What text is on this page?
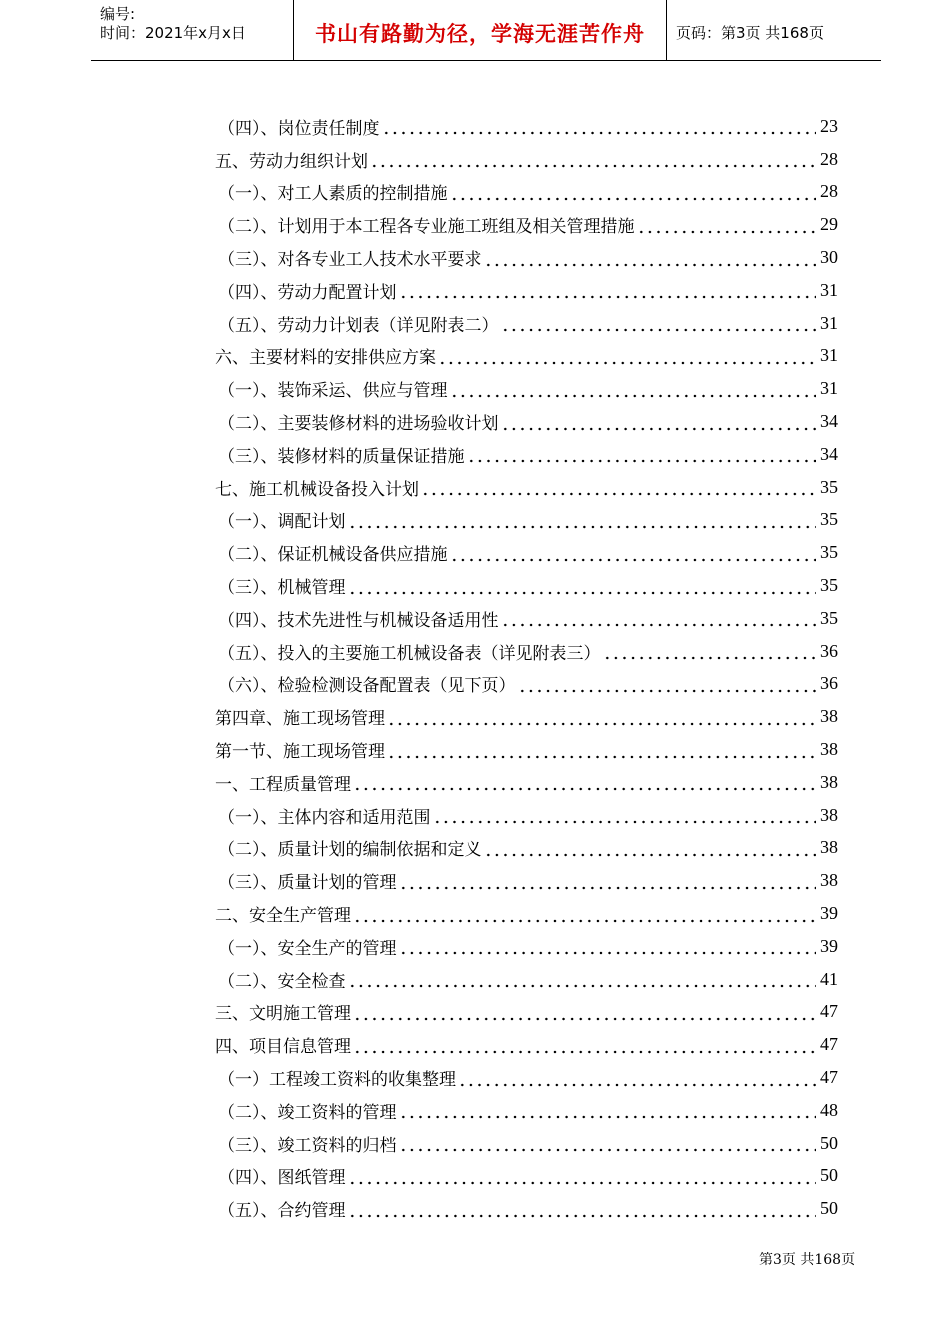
编号:
时间：2021年x月x日	书山有路勤为径，学海无涯苦作舟	页码：第3页 共168页
（四）、岗位责任制度	23
五、劳动力组织计划	28
（一）、对工人素质的控制措施	28
（二）、计划用于本工程各专业施工班组及相关管理措施	29
（三）、对各专业工人技术水平要求	30
（四）、劳动力配置计划	31
（五）、劳动力计划表（详见附表二）	31
六、主要材料的安排供应方案	31
（一）、装饰采运、供应与管理	31
（二）、主要装修材料的进场验收计划	34
（三）、装修材料的质量保证措施	34
七、施工机械设备投入计划	35
（一）、调配计划	35
（二）、保证机械设备供应措施	35
（三）、机械管理	35
（四）、技术先进性与机械设备适用性	35
（五）、投入的主要施工机械设备表（详见附表三）	36
（六）、检验检测设备配置表（见下页）	36
第四章、施工现场管理	38
第一节、施工现场管理	38
一、工程质量管理	38
（一）、主体内容和适用范围	38
（二）、质量计划的编制依据和定义	38
（三）、质量计划的管理	38
二、安全生产管理	39
（一）、安全生产的管理	39
（二）、安全检查	41
三、文明施工管理	47
四、项目信息管理	47
（一）工程竣工资料的收集整理	47
（二）、竣工资料的管理	48
（三）、竣工资料的归档	50
（四）、图纸管理	50
（五）、合约管理	50
第3页 共168页
